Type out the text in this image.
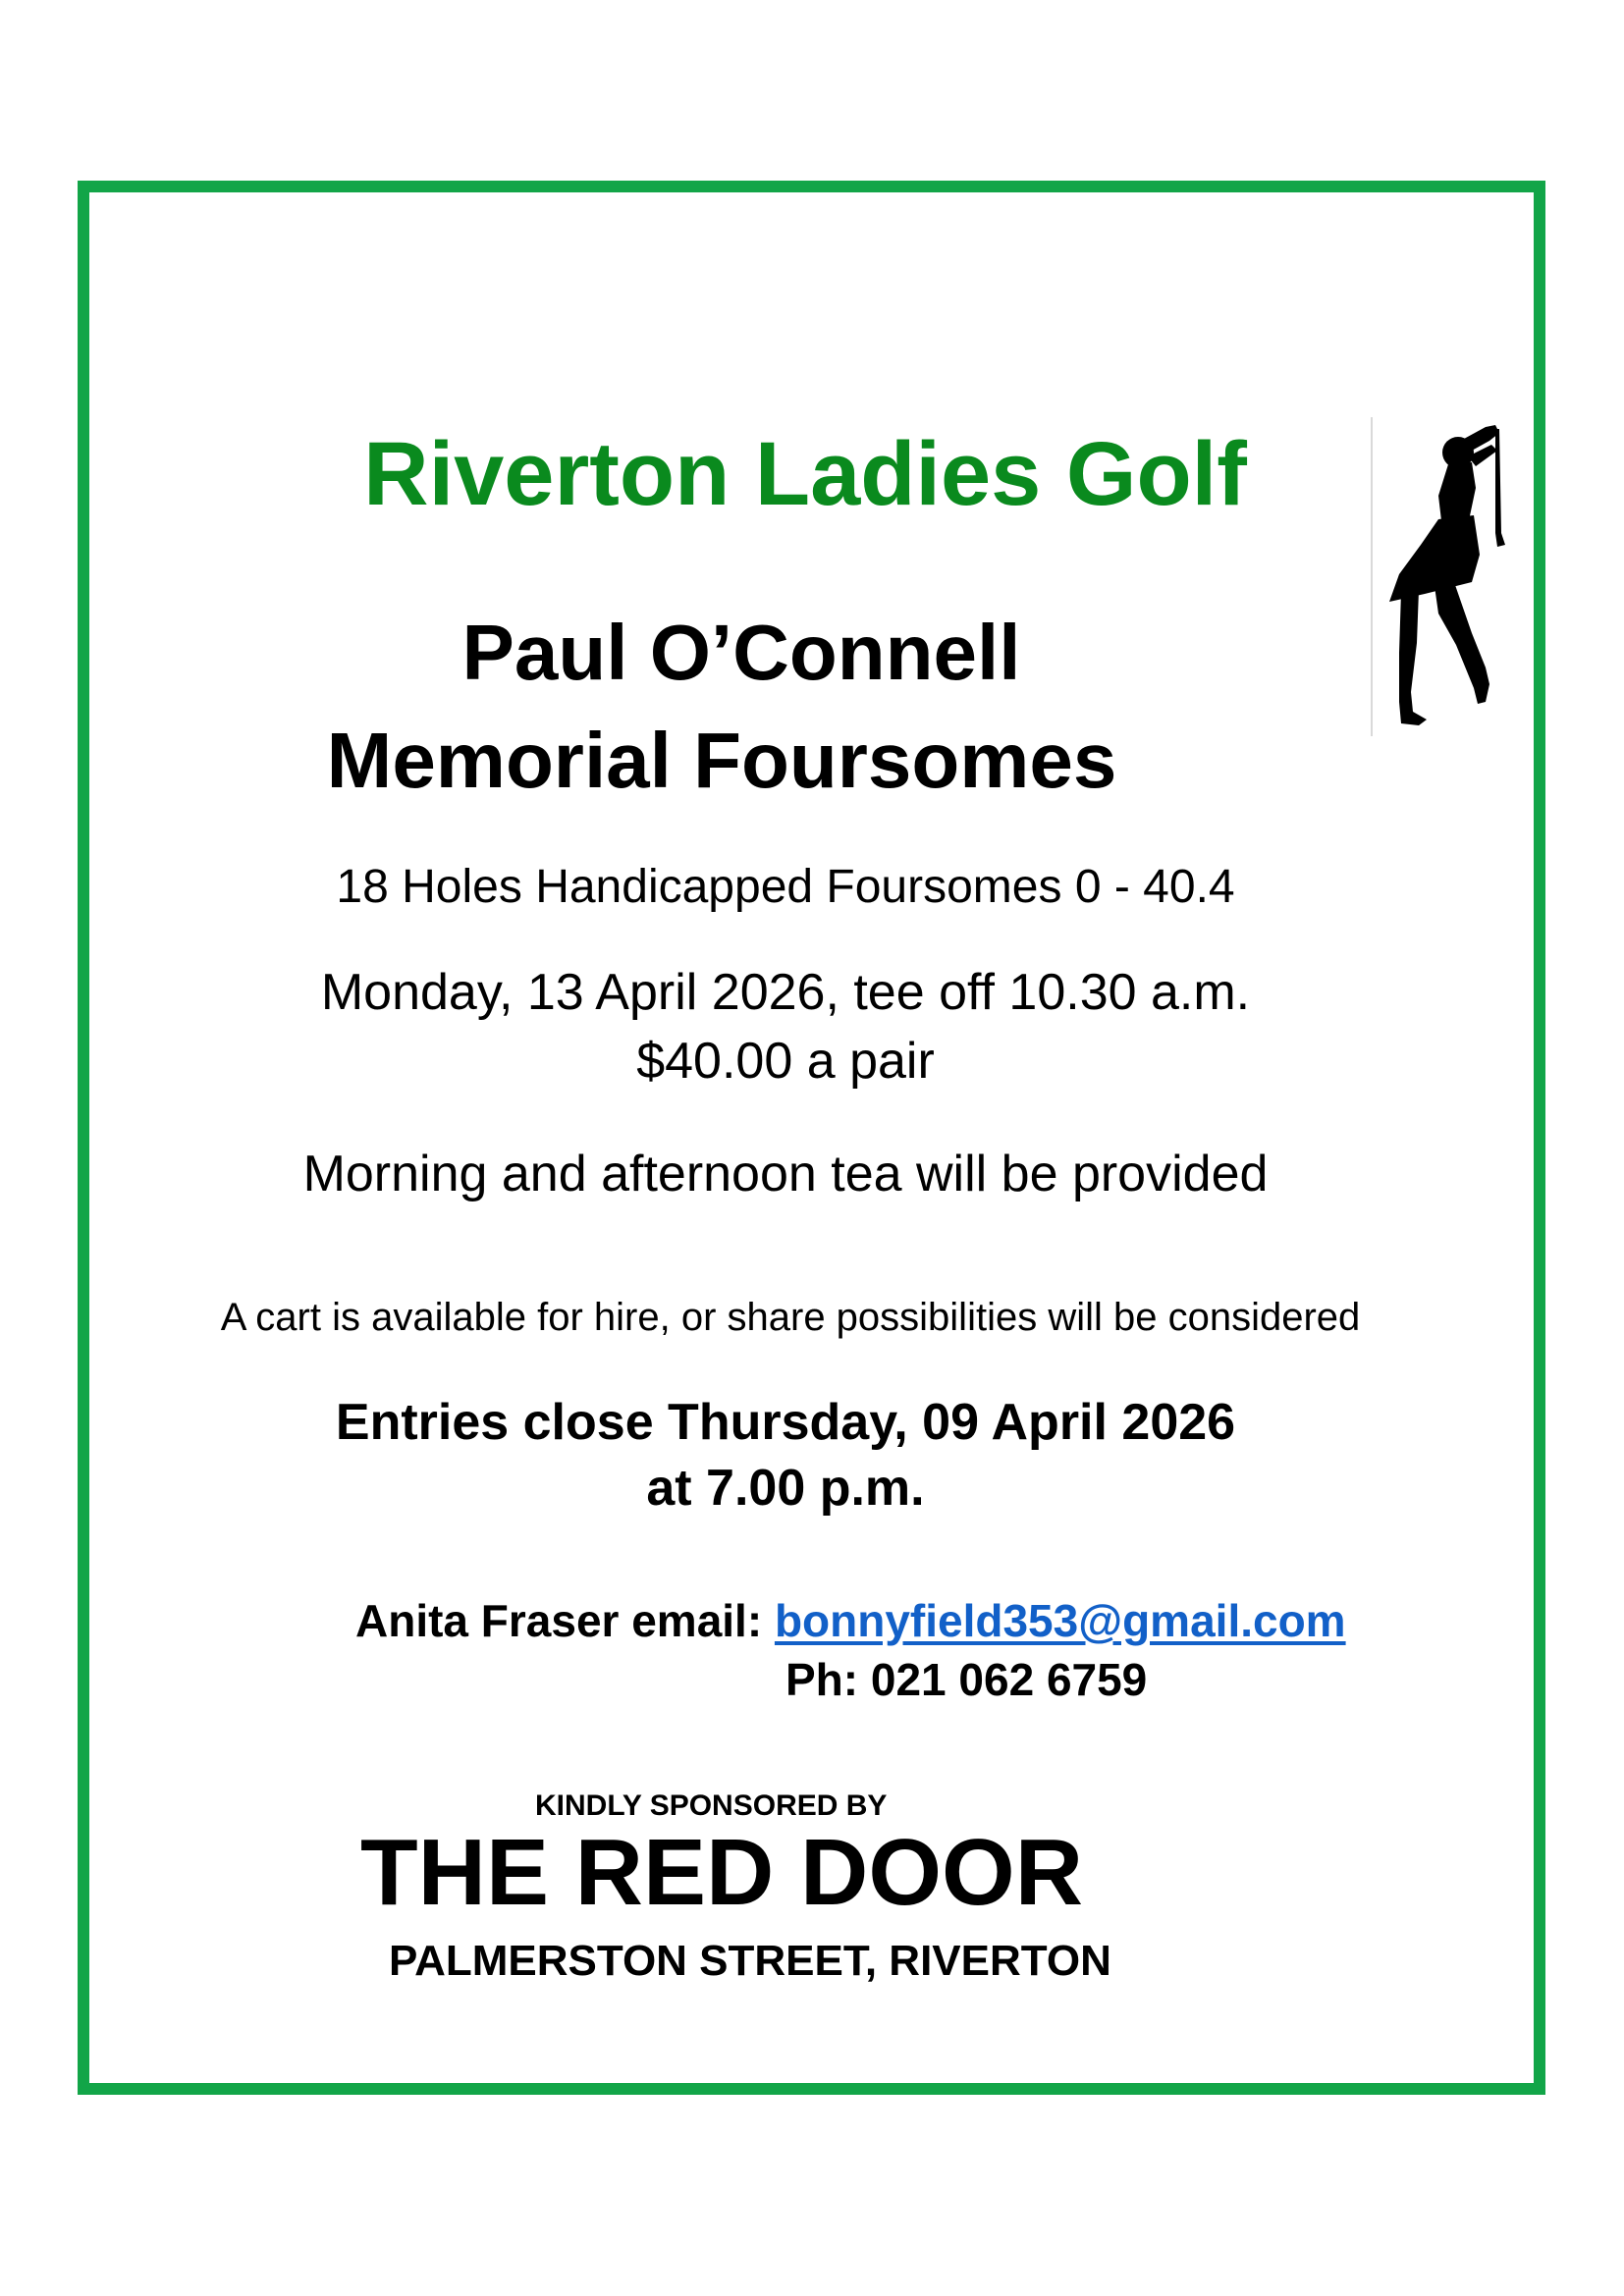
Riverton Ladies Golf
Paul O’Connell
Memorial Foursomes

18 Holes Handicapped Foursomes 0 - 40.4

Monday, 13 April 2026, tee off 10.30 a.m.

$40.00 a pair

Morning and afternoon tea will be provided

A cart is available for hire, or share possibilities will be considered

Entries close Thursday, 09 April 2026

at 7.00 p.m.

Anita Fraser email: bonnyfield353@gmail.com

Ph: 021 062 6759

KINDLY SPONSORED BY

THE RED DOOR

PALMERSTON STREET, RIVERTON
